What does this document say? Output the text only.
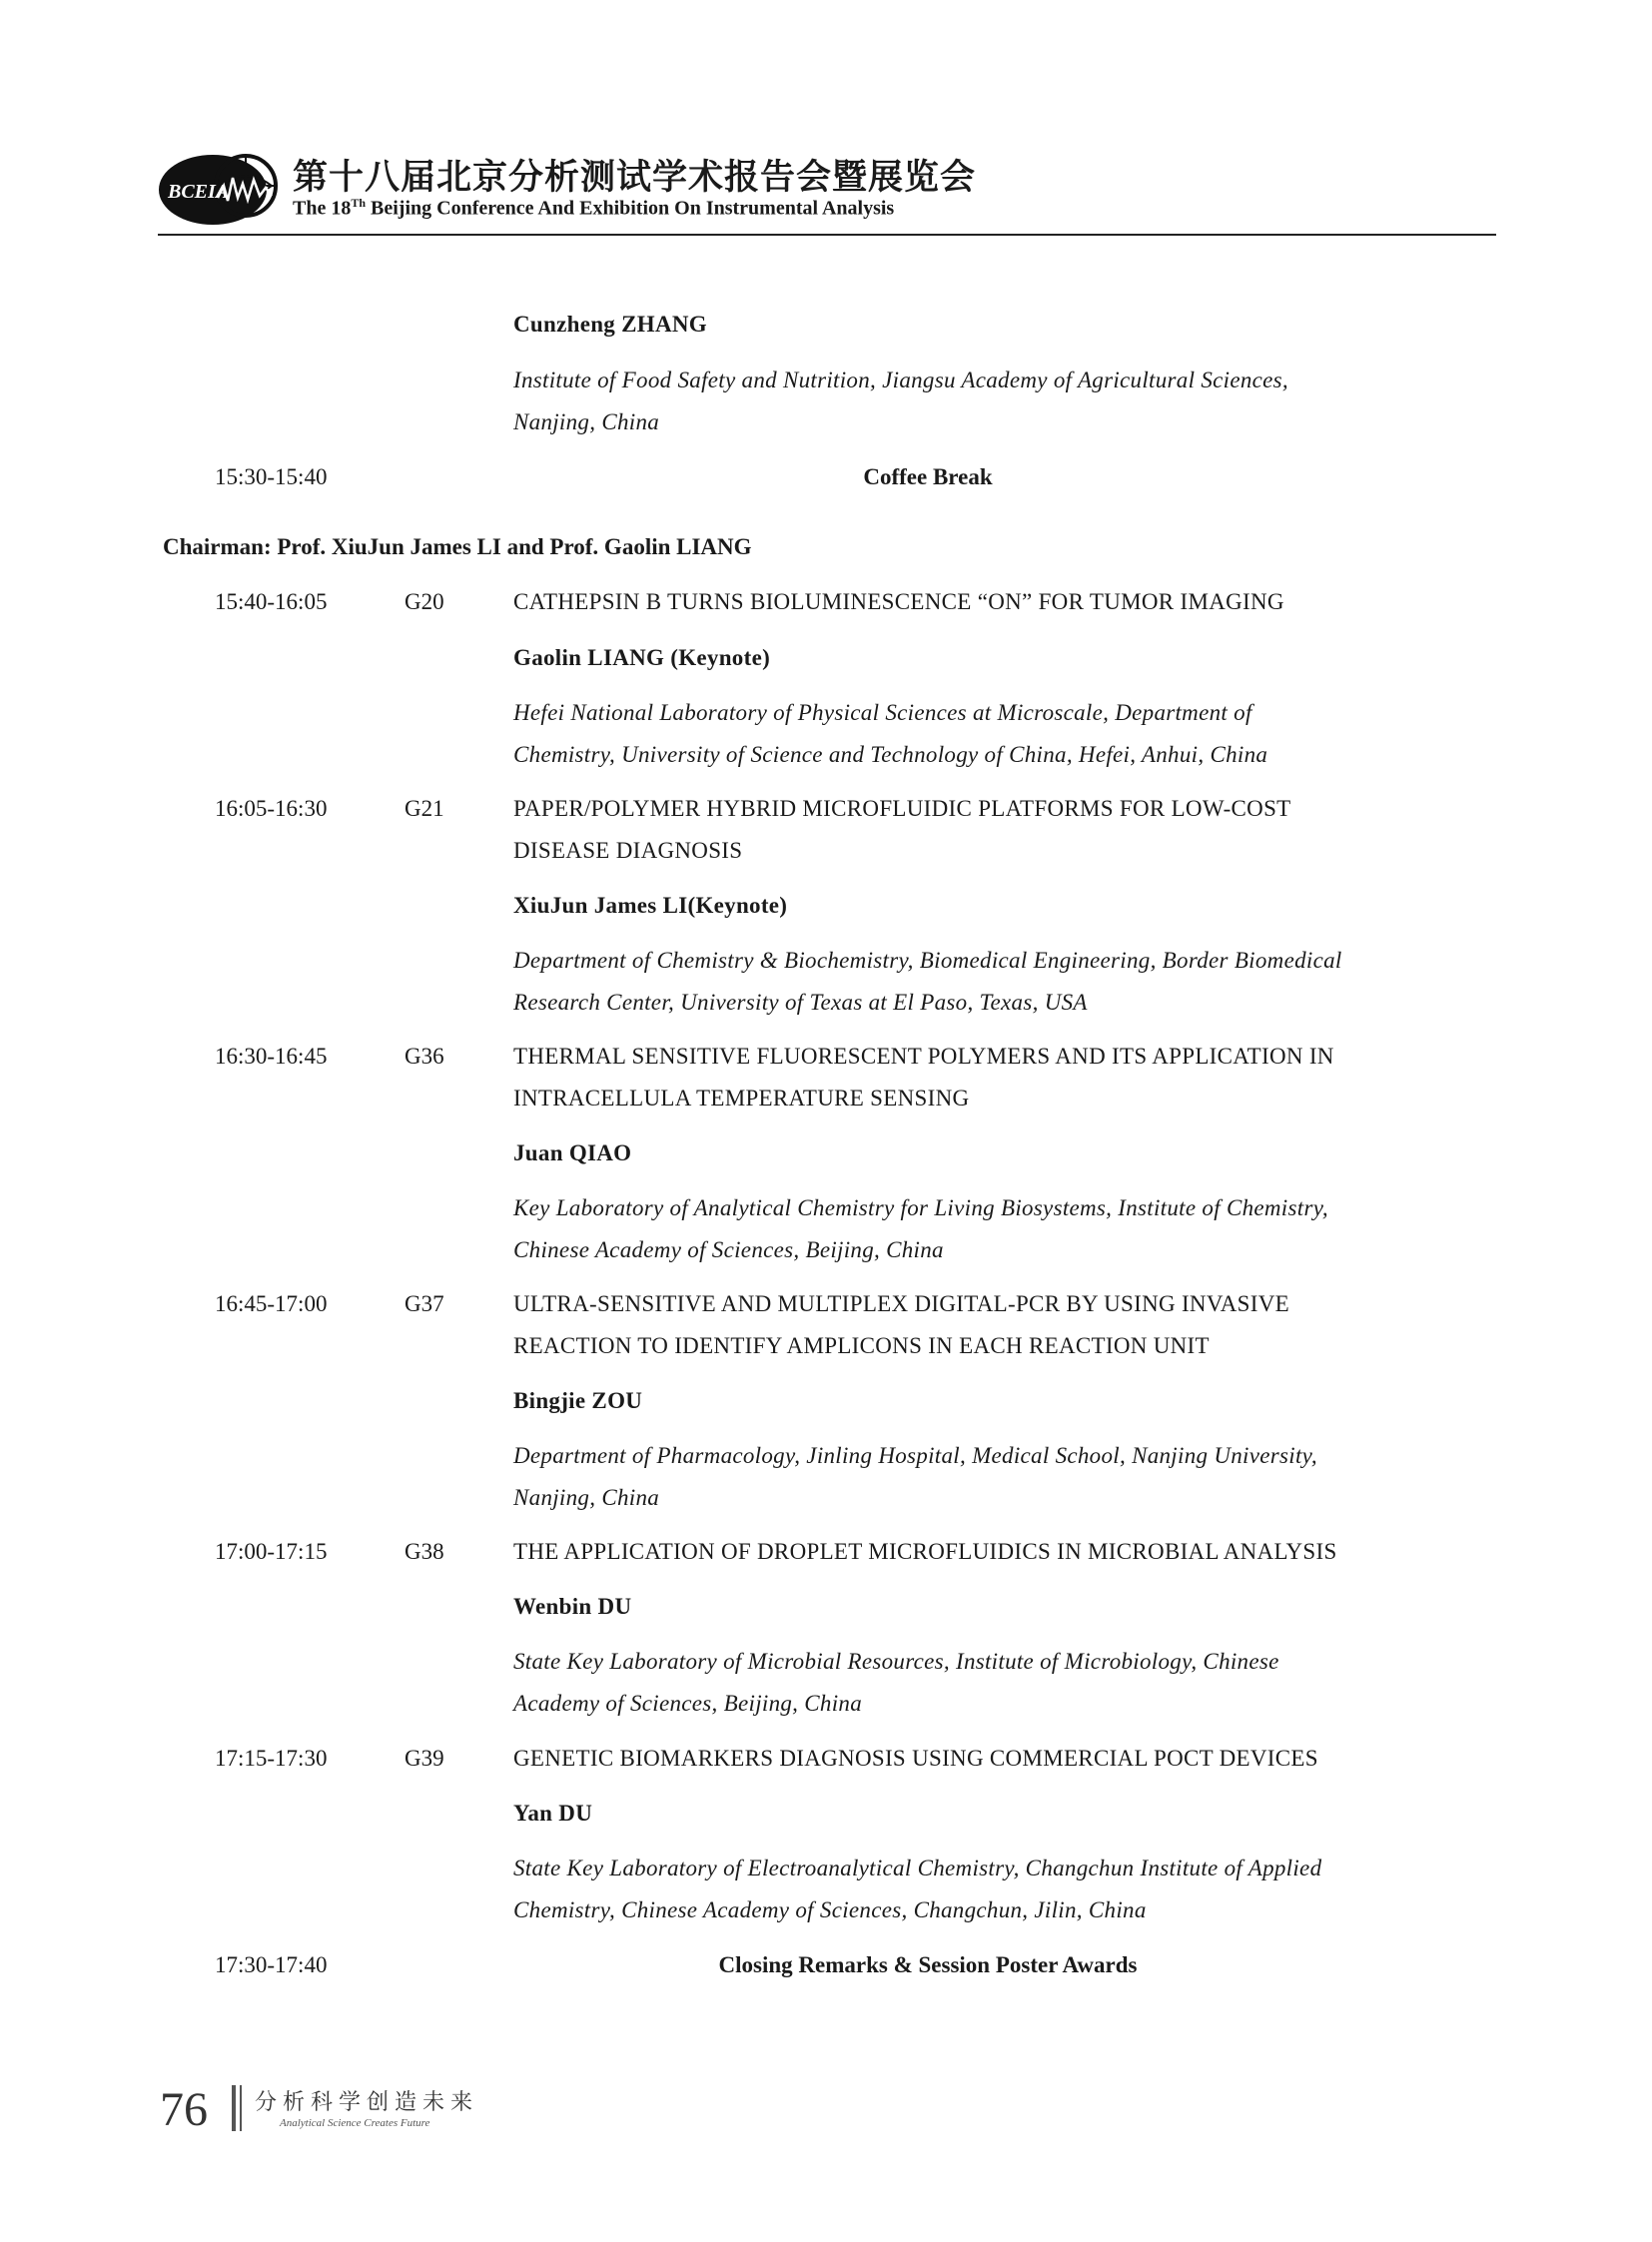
BCEIA 第十八届北京分析测试学术报告会暨展览会
The 18Th Beijing Conference And Exhibition On Instrumental Analysis
Cunzheng ZHANG
Institute of Food Safety and Nutrition, Jiangsu Academy of Agricultural Sciences,
Nanjing, China
15:30-15:40	Coffee Break
Chairman: Prof. XiuJun James LI and Prof. Gaolin LIANG
15:40-16:05	G20	CATHEPSIN B TURNS BIOLUMINESCENCE “ON” FOR TUMOR IMAGING
Gaolin LIANG (Keynote)
Hefei National Laboratory of Physical Sciences at Microscale, Department of
Chemistry, University of Science and Technology of China, Hefei, Anhui, China
16:05-16:30	G21	PAPER/POLYMER HYBRID MICROFLUIDIC PLATFORMS FOR LOW-COST
DISEASE DIAGNOSIS
XiuJun James LI(Keynote)
Department of Chemistry & Biochemistry, Biomedical Engineering, Border Biomedical
Research Center, University of Texas at El Paso, Texas, USA
16:30-16:45	G36	THERMAL SENSITIVE FLUORESCENT POLYMERS AND ITS APPLICATION IN
INTRACELLULA TEMPERATURE SENSING
Juan QIAO
Key Laboratory of Analytical Chemistry for Living Biosystems, Institute of Chemistry,
Chinese Academy of Sciences, Beijing, China
16:45-17:00	G37	ULTRA-SENSITIVE AND MULTIPLEX DIGITAL-PCR BY USING INVASIVE
REACTION TO IDENTIFY AMPLICONS IN EACH REACTION UNIT
Bingjie ZOU
Department of Pharmacology, Jinling Hospital, Medical School, Nanjing University,
Nanjing, China
17:00-17:15	G38	THE APPLICATION OF DROPLET MICROFLUIDICS IN MICROBIAL ANALYSIS
Wenbin DU
State Key Laboratory of Microbial Resources, Institute of Microbiology, Chinese
Academy of Sciences, Beijing, China
17:15-17:30	G39	GENETIC BIOMARKERS DIAGNOSIS USING COMMERCIAL POCT DEVICES
Yan DU
State Key Laboratory of Electroanalytical Chemistry, Changchun Institute of Applied
Chemistry, Chinese Academy of Sciences, Changchun, Jilin, China
17:30-17:40	Closing Remarks & Session Poster Awards
76 分析科学创造未来
Analytical Science Creates Future
